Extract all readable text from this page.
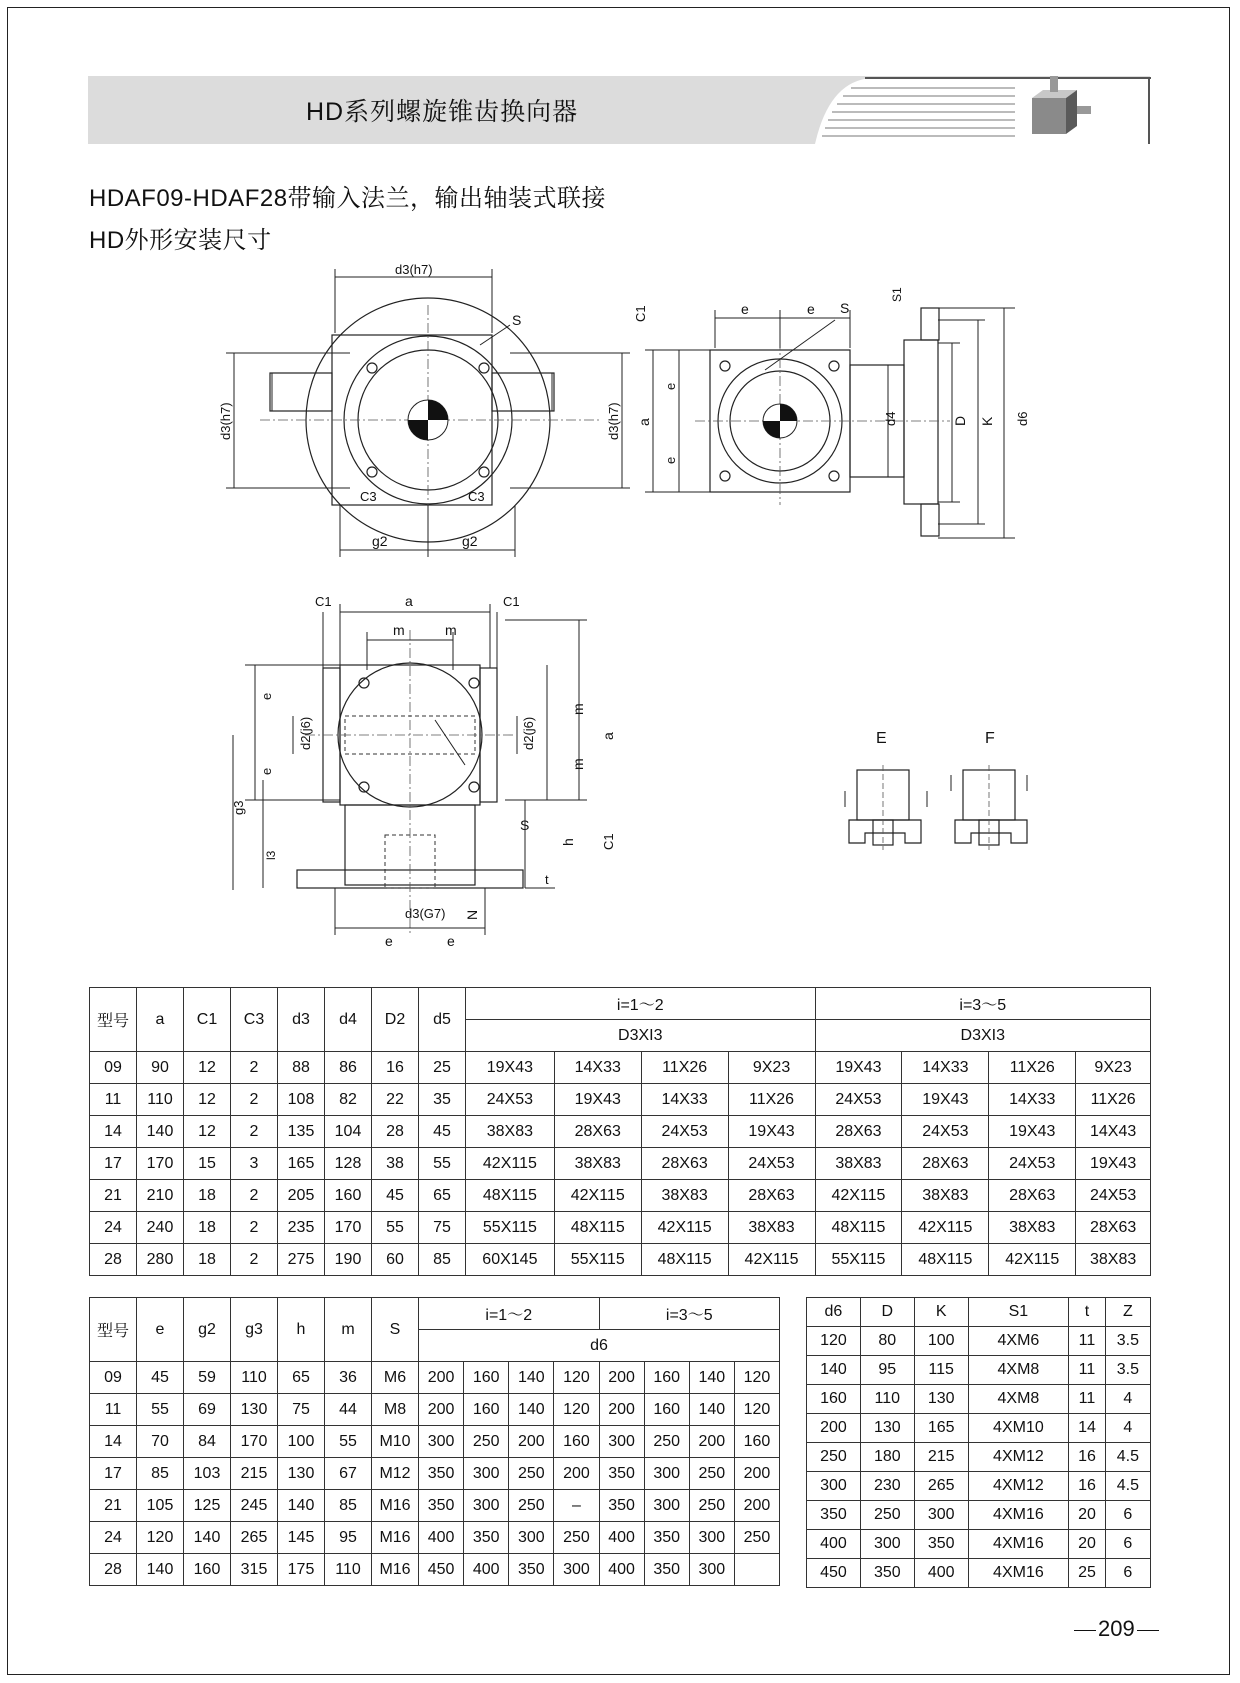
HD系列螺旋锥齿换向器
HDAF09-HDAF28带输入法兰，输出轴装式联接
HD外形安装尺寸
d3(h7)
S
C3	C3
g2	g2
d3(h7)	d3(h7)
e	e
C1	S
S1
a
e
e
d4	D K d6
C1	a	C1
m	m
e
e
d2(j6)	d2(j6)
m
m
a
g3
l3
S
h C1
t
d3(G7) N
e	e
E	F
型号	a	C1	C3	d3	d4	D2	d5	i=1～2				i=3～5			
								D3XI3				D3XI3			
09	90	12	2	88	86	16	25	19X43	14X33	11X26	9X23	19X43	14X33	11X26	9X23
11	110	12	2	108	82	22	35	24X53	19X43	14X33	11X26	24X53	19X43	14X33	11X26
14	140	12	2	135	104	28	45	38X83	28X63	24X53	19X43	28X63	24X53	19X43	14X43
17	170	15	3	165	128	38	55	42X115	38X83	28X63	24X53	38X83	28X63	24X53	19X43
21	210	18	2	205	160	45	65	48X115	42X115	38X83	28X63	42X115	38X83	28X63	24X53
24	240	18	2	235	170	55	75	55X115	48X115	42X115	38X83	48X115	42X115	38X83	28X63
28	280	18	2	275	190	60	85	60X145	55X115	48X115	42X115	55X115	48X115	42X115	38X83
型号	e	g2	g3	h	m	S	i=1～2				i=3～5			
							d6							
09	45	59	110	65	36	M6	200	160	140	120	200	160	140	120
11	55	69	130	75	44	M8	200	160	140	120	200	160	140	120
14	70	84	170	100	55	M10	300	250	200	160	300	250	200	160
17	85	103	215	130	67	M12	350	300	250	200	350	300	250	200
21	105	125	245	140	85	M16	350	300	250	–	350	300	250	200
24	120	140	265	145	95	M16	400	350	300	250	400	350	300	250
28	140	160	315	175	110	M16	450	400	350	300	400	350	300	
d6	D	K	S1	t	Z
120	80	100	4XM6	11	3.5
140	95	115	4XM8	11	3.5
160	110	130	4XM8	11	4
200	130	165	4XM10	14	4
250	180	215	4XM12	16	4.5
300	230	265	4XM12	16	4.5
350	250	300	4XM16	20	6
400	300	350	4XM16	20	6
450	350	400	4XM16	25	6
209
